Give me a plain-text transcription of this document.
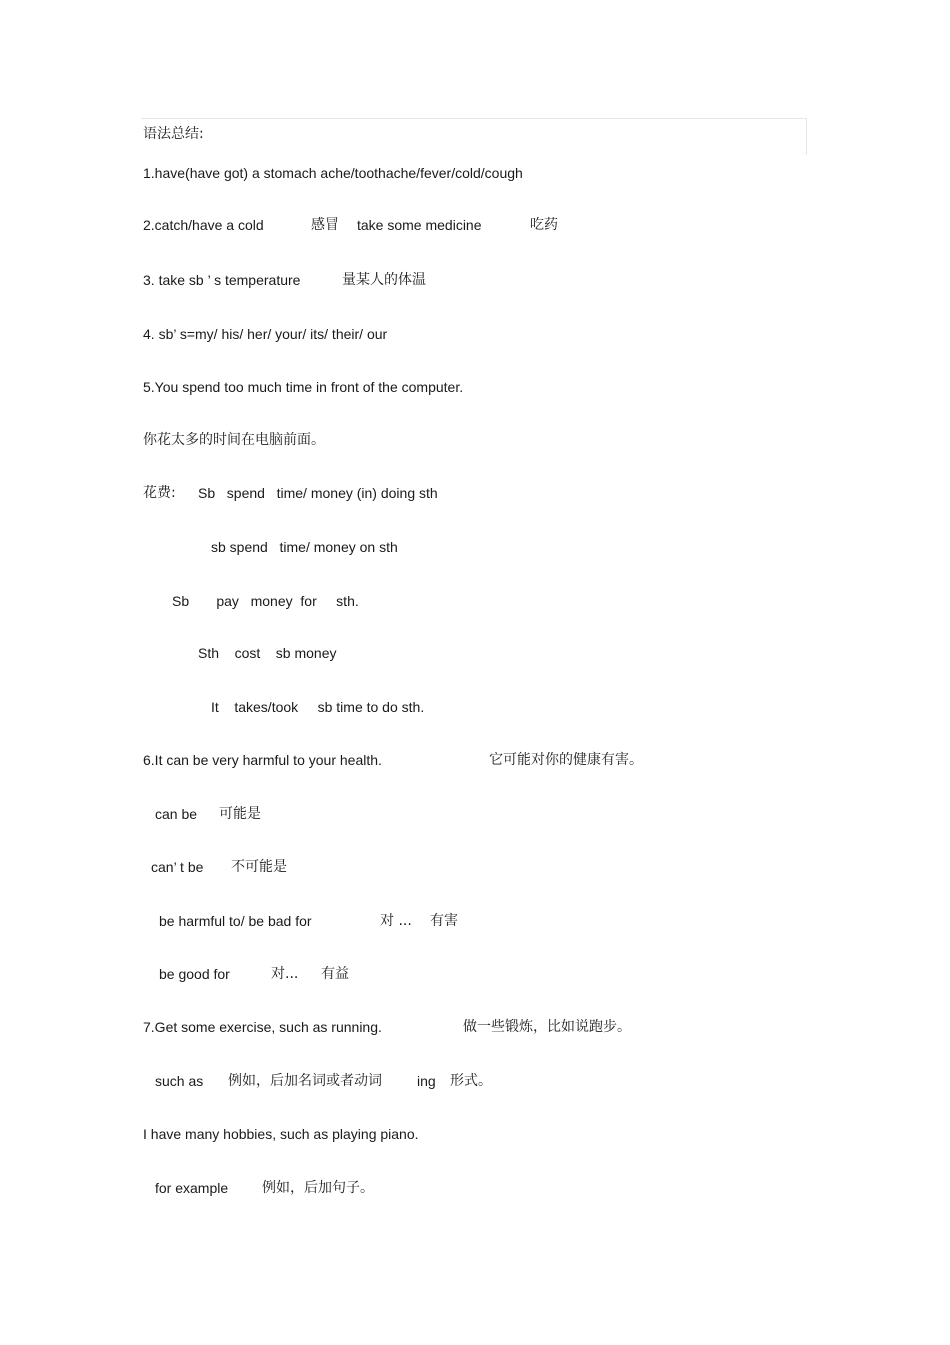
语法总结:
1.have(have got) a stomach ache/toothache/fever/cold/cough
2.catch/have a cold	感冒 take some medicine	吃药
3. take sb ’ s temperature	量某人的体温
4. sb’ s=my/ his/ her/ your/ its/ their/ our
5.You spend too much time in front of the computer.
你花太多的时间在电脑前面。
花费: Sb   spend   time/ money (in) doing sth
sb spend   time/ money on sth
Sb       pay   money  for     sth.
Sth    cost    sb money
It    takes/took     sb time to do sth.
6.It can be very harmful to your health.	它可能对你的健康有害。
can be 可能是
can’ t be 不可能是
be harmful to/ be bad for	对 ... 有害
be good for	对... 有益
7.Get some exercise, such as running.	做一些锻炼，比如说跑步。
such as 例如，后加名词或者动词	ing 形式。
I have many hobbies, such as playing piano.
for example 例如，后加句子。
